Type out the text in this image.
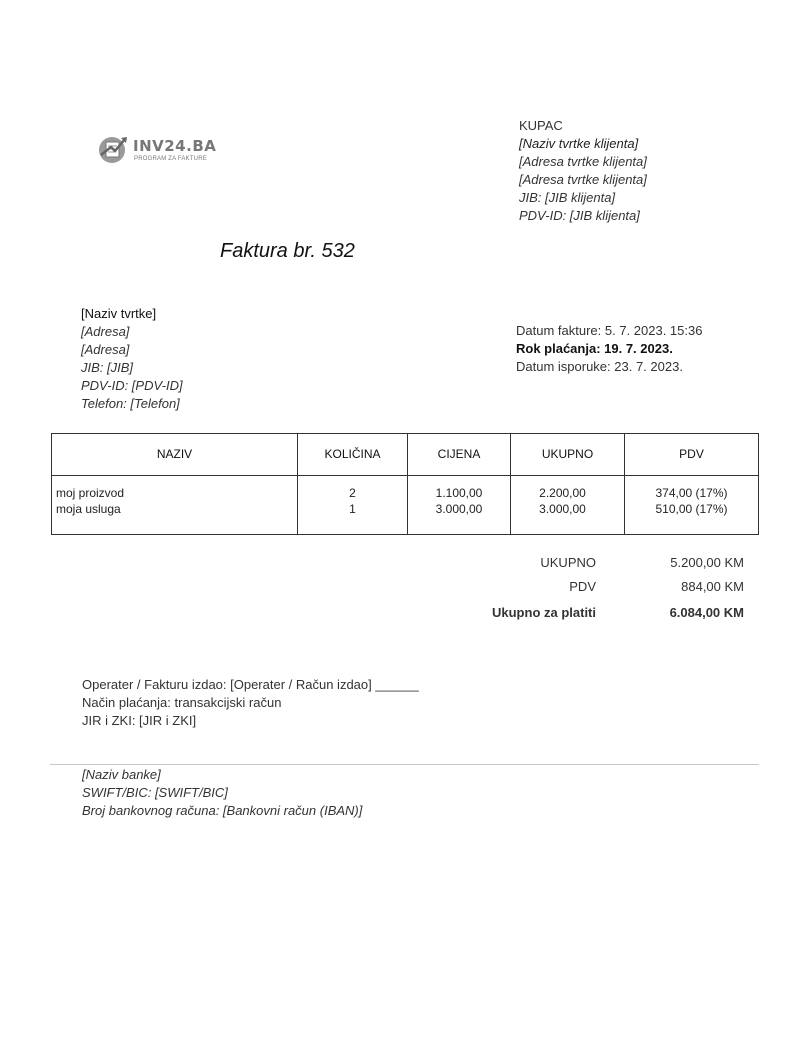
INV24.BA
PROGRAM ZA FAKTURE
KUPAC
[Naziv tvrtke klijenta]
[Adresa tvrtke klijenta]
[Adresa tvrtke klijenta]
JIB: [JIB klijenta]
PDV-ID: [JIB klijenta]
Faktura br. 532
[Naziv tvrtke]
[Adresa]
[Adresa]
JIB: [JIB]
PDV-ID: [PDV-ID]
Telefon: [Telefon]
Datum fakture: 5. 7. 2023. 15:36
Rok plaćanja: 19. 7. 2023.
Datum isporuke: 23. 7. 2023.
NAZIV	KOLIČINA	CIJENA	UKUPNO	PDV
moj proizvod	2	1.100,00	2.200,00	374,00 (17%)
moja usluga	1	3.000,00	3.000,00	510,00 (17%)
UKUPNO	5.200,00 KM
PDV	884,00 KM
Ukupno za platiti	6.084,00 KM
Operater / Fakturu izdao: [Operater / Račun izdao] ______
Način plaćanja: transakcijski račun
JIR i ZKI: [JIR i ZKI]
[Naziv banke]
SWIFT/BIC: [SWIFT/BIC]
Broj bankovnog računa: [Bankovni račun (IBAN)]
